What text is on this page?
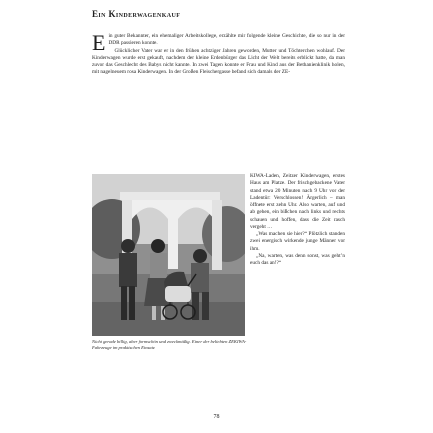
Ein Kinderwagenkauf

Ein guter Bekannter, ein ehemaliger Arbeitskollege, erzählte mir folgende kleine Geschichte, die so nur in der DDR passieren konnte.

Glücklicher Vater war er in den frühen achtziger Jahren geworden, Mutter und Töchterchen wohlauf. Der Kinderwagen wurde erst gekauft, nachdem der kleine Erdenbürger das Licht der Welt bereits erblickt hatte, da man zuvor das Geschlecht des Babys nicht kannte. In zwei Tagen konnte er Frau und Kind aus der Bethanienklinik holen, mit nagelneuem rosa Kinderwagen. In der Großen Fleischergasse befand sich damals der ZE-

Nicht gerade billig, aber formschön und zweckmäßig. Einer der beliebten ZEKIWA-Fahrzeuge im praktischen Einsatz

KIWA-Laden, Zeitzer Kinderwagen, erstes Haus am Platze. Der frischgebackene Vater stand etwa 20 Minuten nach 9 Uhr vor der Ladentür: Verschlossen! Ärgerlich – man öffnete erst zehn Uhr. Also warten, auf und ab gehen, ein bißchen nach links und rechts schauen und hoffen, dass die Zeit rasch vergeht …

„Was machen sie hier?“ Plötzlich standen zwei energisch wirkende junge Männer vor ihm.

„Na, warten, was denn sonst, was geht’n euch das an!?“

78
